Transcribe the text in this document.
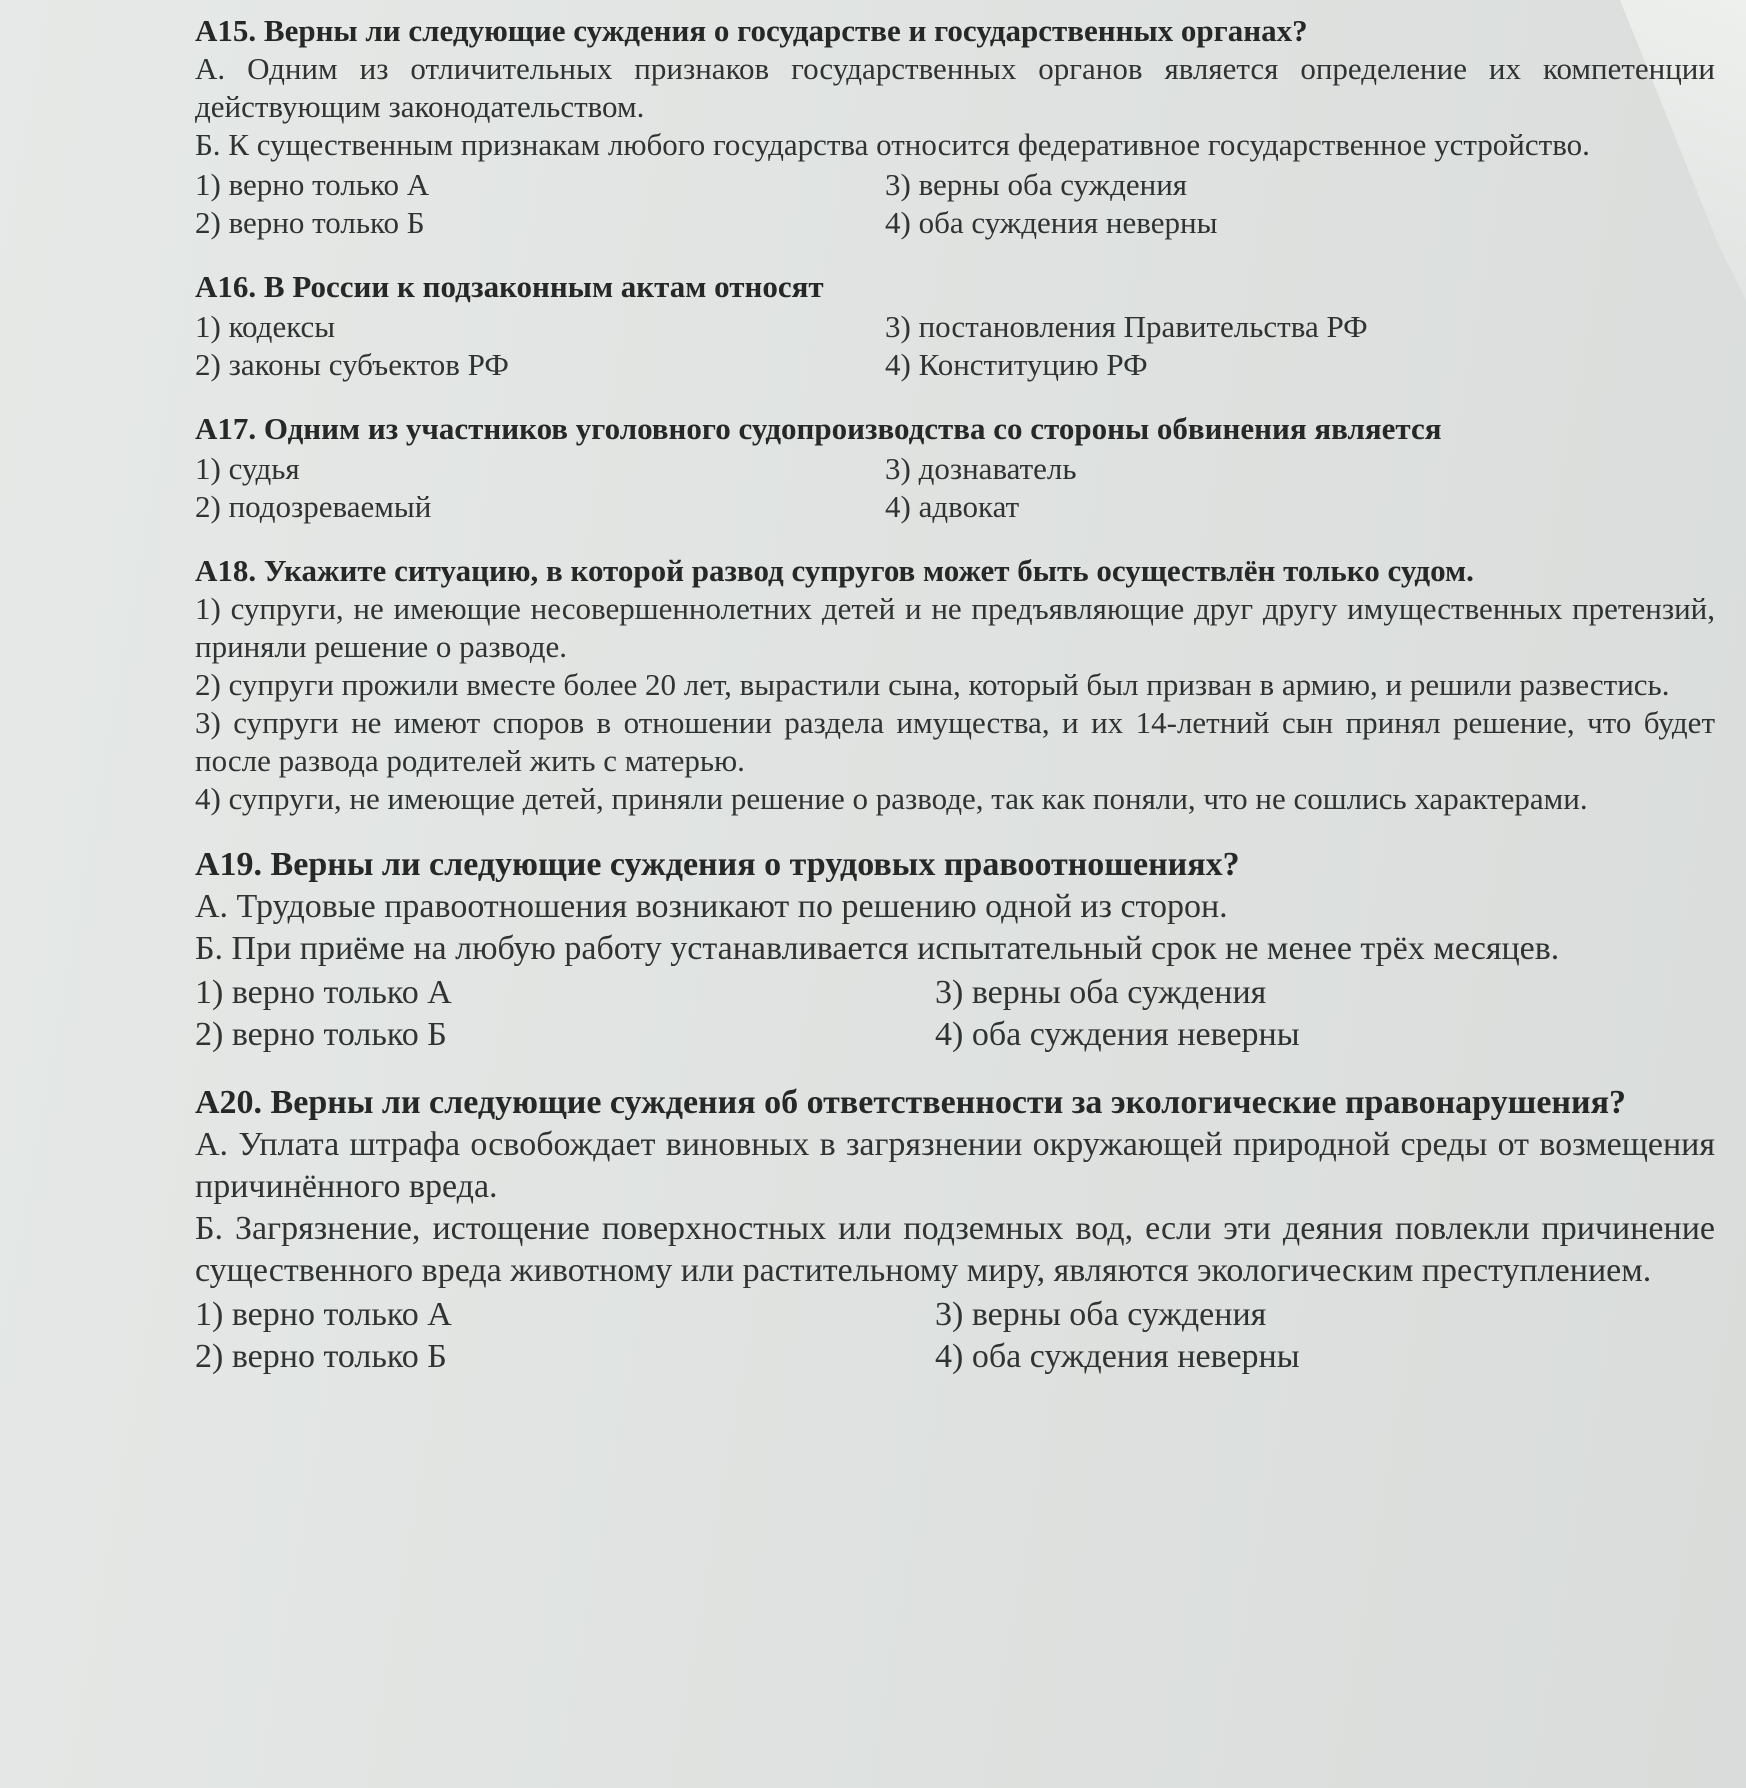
А15. Верны ли следующие суждения о государстве и государственных органах?

А. Одним из отличительных признаков государственных органов является определение их компетенции действующим законодательством.

Б. К существенным признакам любого государства относится федеративное государственное устройство.

1) верно только А	3) верны оба суждения

2) верно только Б	4) оба суждения неверны

А16. В России к подзаконным актам относят

1) кодексы	3) постановления Правительства РФ

2) законы субъектов РФ	4) Конституцию РФ

А17. Одним из участников уголовного судопроизводства со стороны обвинения является

1) судья	3) дознаватель

2) подозреваемый	4) адвокат

А18. Укажите ситуацию, в которой развод супругов может быть осуществлён только судом.

1) супруги, не имеющие несовершеннолетних детей и не предъявляющие друг другу имущественных претензий, приняли решение о разводе.

2) супруги прожили вместе более 20 лет, вырастили сына, который был призван в армию, и решили развестись.

3) супруги не имеют споров в отношении раздела имущества, и их 14-летний сын принял решение, что будет после развода родителей жить с матерью.

4) супруги, не имеющие детей, приняли решение о разводе, так как поняли, что не сошлись характерами.

А19. Верны ли следующие суждения о трудовых правоотношениях?

А. Трудовые правоотношения возникают по решению одной из сторон.

Б. При приёме на любую работу устанавливается испытательный срок не менее трёх месяцев.

1) верно только А	3) верны оба суждения

2) верно только Б	4) оба суждения неверны

А20. Верны ли следующие суждения об ответственности за экологические правонарушения?

А. Уплата штрафа освобождает виновных в загрязнении окружающей природной среды от возмещения причинённого вреда.

Б. Загрязнение, истощение поверхностных или подземных вод, если эти деяния повлекли причинение существенного вреда животному или растительному миру, являются экологическим преступлением.

1) верно только А	3) верны оба суждения

2) верно только Б	4) оба суждения неверны
